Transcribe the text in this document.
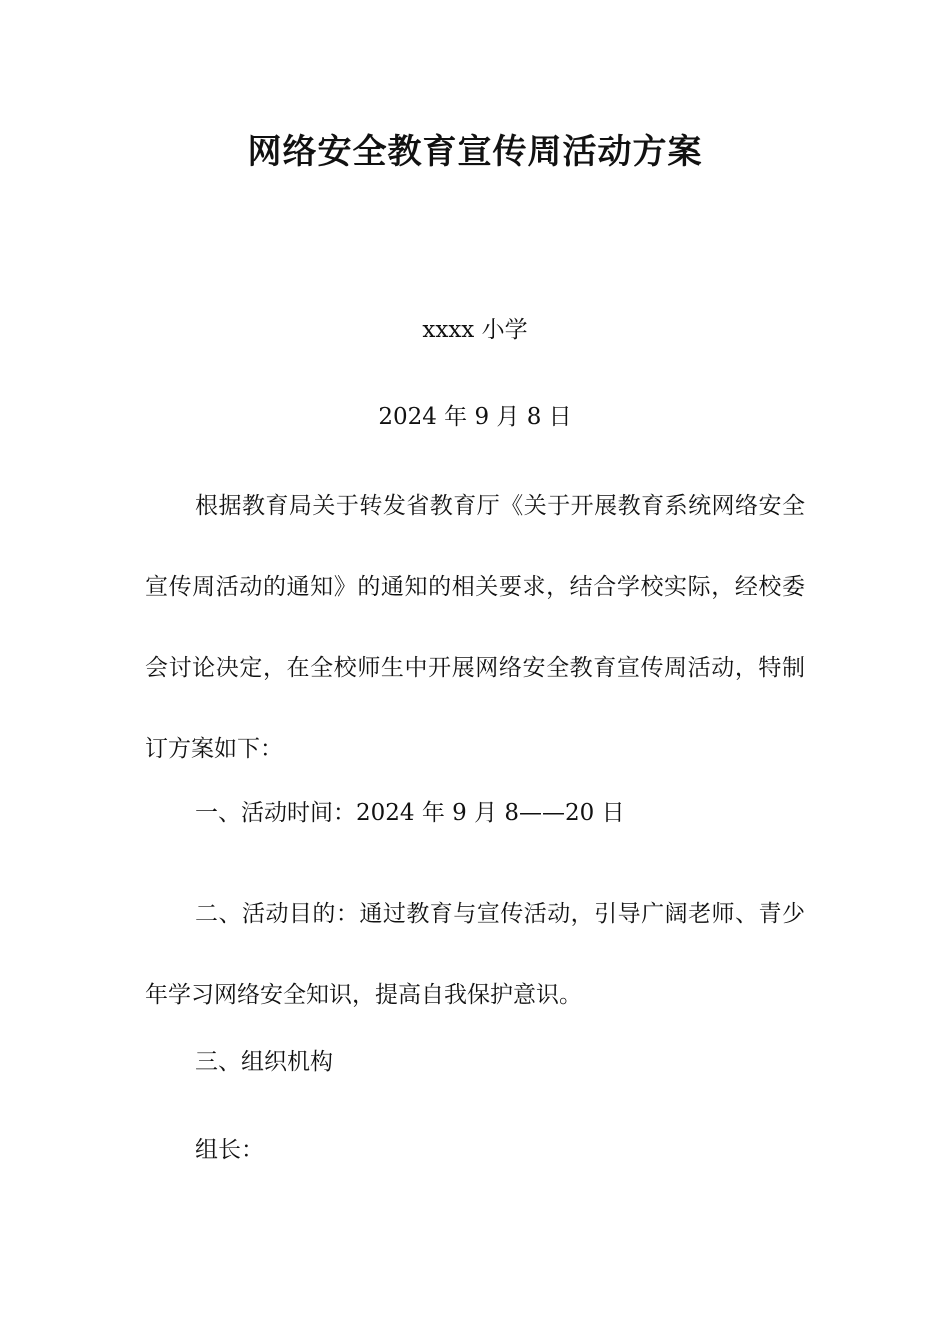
网络安全教育宣传周活动方案
xxxx 小学
2024 年 9 月 8 日

根据教育局关于转发省教育厅《关于开展教育系统网络安全宣传周活动的通知》的通知的相关要求，结合学校实际，经校委会讨论决定，在全校师生中开展网络安全教育宣传周活动，特制订方案如下：

一、活动时间：2024 年 9 月 8——20 日

二、活动目的：通过教育与宣传活动，引导广阔老师、青少年学习网络安全知识，提高自我保护意识。

三、组织机构
组长：
